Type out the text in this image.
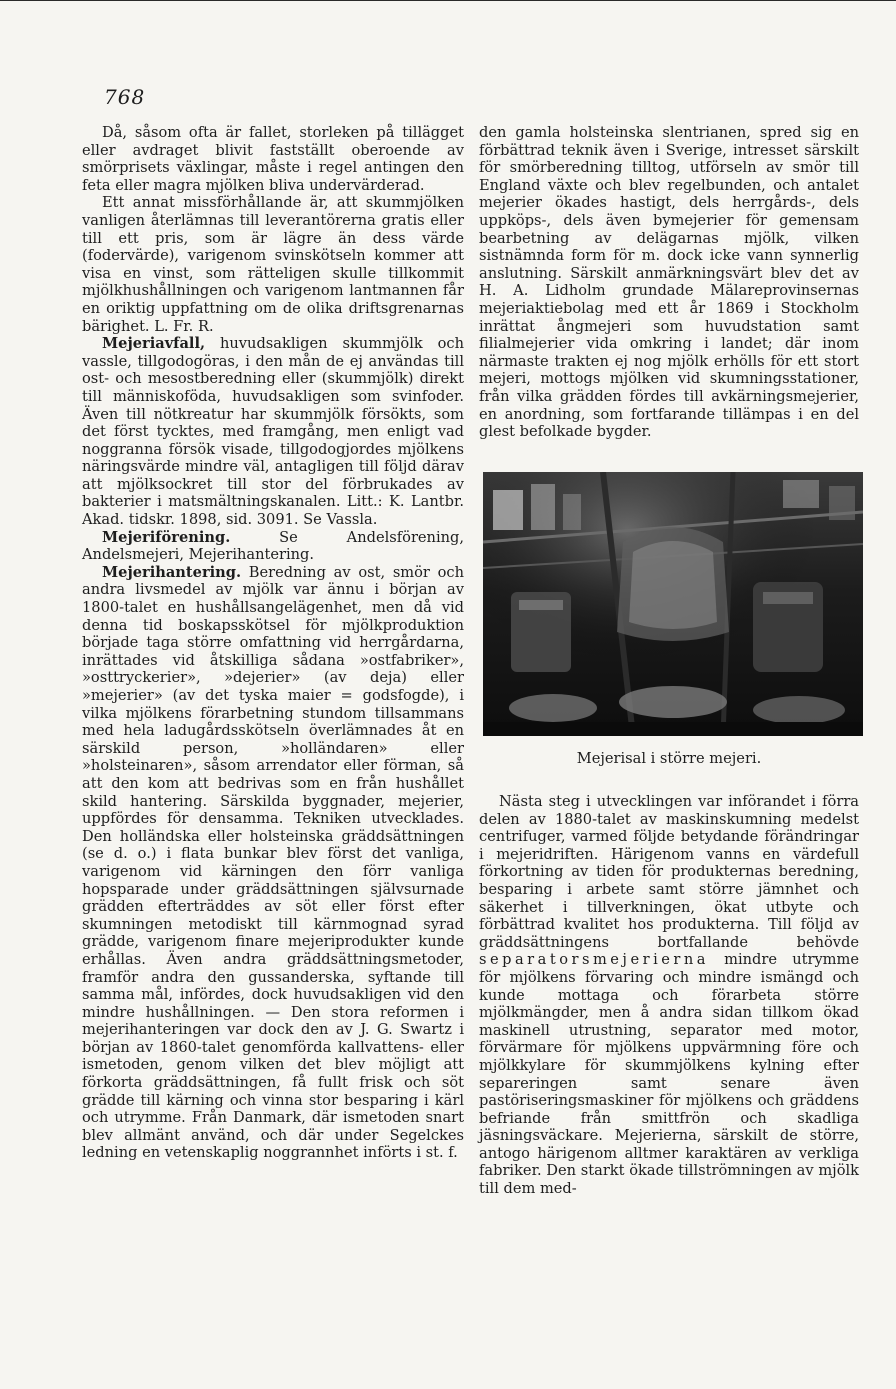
768

Då, såsom ofta är fallet, storleken på tillägget eller avdraget blivit fastställt oberoende av smörprisets växlingar, måste i regel antingen den feta eller magra mjölken bliva undervärderad.

Ett annat missförhållande är, att skummjölken vanligen återlämnas till leverantörerna gratis eller till ett pris, som är lägre än dess värde (fodervärde), varigenom svinskötseln kommer att visa en vinst, som rätteligen skulle tillkommit mjölkhushållningen och varigenom lantmannen får en oriktig uppfattning om de olika driftsgrenarnas bärighet. L. Fr. R.

Mejeriavfall, huvudsakligen skummjölk och vassle, tillgodogöras, i den mån de ej användas till ost- och mesostberedning eller (skummjölk) direkt till människoföda, huvudsakligen som svinfoder. Även till nötkreatur har skummjölk försökts, som det först tycktes, med framgång, men enligt vad noggranna försök visade, tillgodogjordes mjölkens näringsvärde mindre väl, antagligen till följd därav att mjölksockret till stor del förbrukades av bakterier i matsmältningskanalen. Litt.: K. Lantbr. Akad. tidskr. 1898, sid. 3091. Se Vassla.

Mejeriförening. Se Andelsförening, Andelsmejeri, Mejerihantering.

Mejerihantering. Beredning av ost, smör och andra livsmedel av mjölk var ännu i början av 1800-talet en hushållsangelägenhet, men då vid denna tid boskapsskötsel för mjölkproduktion började taga större omfattning vid herrgårdarna, inrättades vid åtskilliga sådana »ostfabriker», »osttryckerier», »dejerier» (av deja) eller »mejerier» (av det tyska maier = godsfogde), i vilka mjölkens förarbetning stundom tillsammans med hela ladugårdsskötseln överlämnades åt en särskild person, »holländaren» eller »holsteinaren», såsom arrendator eller förman, så att den kom att bedrivas som en från hushållet skild hantering. Särskilda byggnader, mejerier, uppfördes för densamma. Tekniken utvecklades. Den holländska eller holsteinska gräddsättningen (se d. o.) i flata bunkar blev först det vanliga, varigenom vid kärningen den förr vanliga hopsparade under gräddsättningen självsurnade grädden efterträddes av söt eller först efter skumningen metodiskt till kärnmognad syrad grädde, varigenom finare mejeriprodukter kunde erhållas. Även andra gräddsättningsmetoder, framför andra den gussanderska, syftande till samma mål, infördes, dock huvudsakligen vid den mindre hushållningen. — Den stora reformen i mejerihanteringen var dock den av J. G. Swartz i början av 1860-talet genomförda kallvattens- eller ismetoden, genom vilken det blev möjligt att förkorta gräddsättningen, få fullt frisk och söt grädde till kärning och vinna stor besparing i kärl och utrymme. Från Danmark, där ismetoden snart blev allmänt använd, och där under Segelckes ledning en vetenskaplig noggrannhet införts i st. f.

den gamla holsteinska slentrianen, spred sig en förbättrad teknik även i Sverige, intresset särskilt för smörberedning tilltog, utförseln av smör till England växte och blev regelbunden, och antalet mejerier ökades hastigt, dels herrgårds-, dels uppköps-, dels även bymejerier för gemensam bearbetning av delägarnas mjölk, vilken sistnämnda form för m. dock icke vann synnerlig anslutning. Särskilt anmärkningsvärt blev det av H. A. Lidholm grundade Mälareprovinsernas mejeriaktiebolag med ett år 1869 i Stockholm inrättat ångmejeri som huvudstation samt filialmejerier vida omkring i landet; där inom närmaste trakten ej nog mjölk erhölls för ett stort mejeri, mottogs mjölken vid skumningsstationer, från vilka grädden fördes till avkärningsmejerier, en anordning, som fortfarande tillämpas i en del glest befolkade bygder.

Mejerisal i större mejeri.

Nästa steg i utvecklingen var införandet i förra delen av 1880-talet av maskinskumning medelst centrifuger, varmed följde betydande förändringar i mejeridriften. Härigenom vanns en värdefull förkortning av tiden för produkternas beredning, besparing i arbete samt större jämnhet och säkerhet i tillverkningen, ökat utbyte och förbättrad kvalitet hos produkterna. Till följd av gräddsättningens bortfallande behövde separatorsmejerierna mindre utrymme för mjölkens förvaring och mindre ismängd och kunde mottaga och förarbeta större mjölkmängder, men å andra sidan tillkom ökad maskinell utrustning, separator med motor, förvärmare för mjölkens uppvärmning före och mjölkkylare för skummjölkens kylning efter separeringen samt senare även pastöriseringsmaskiner för mjölkens och gräddens befriande från smittfrön och skadliga jäsningsväckare. Mejerierna, särskilt de större, antogo härigenom alltmer karaktären av verkliga fabriker. Den starkt ökade tillströmningen av mjölk till dem med-
